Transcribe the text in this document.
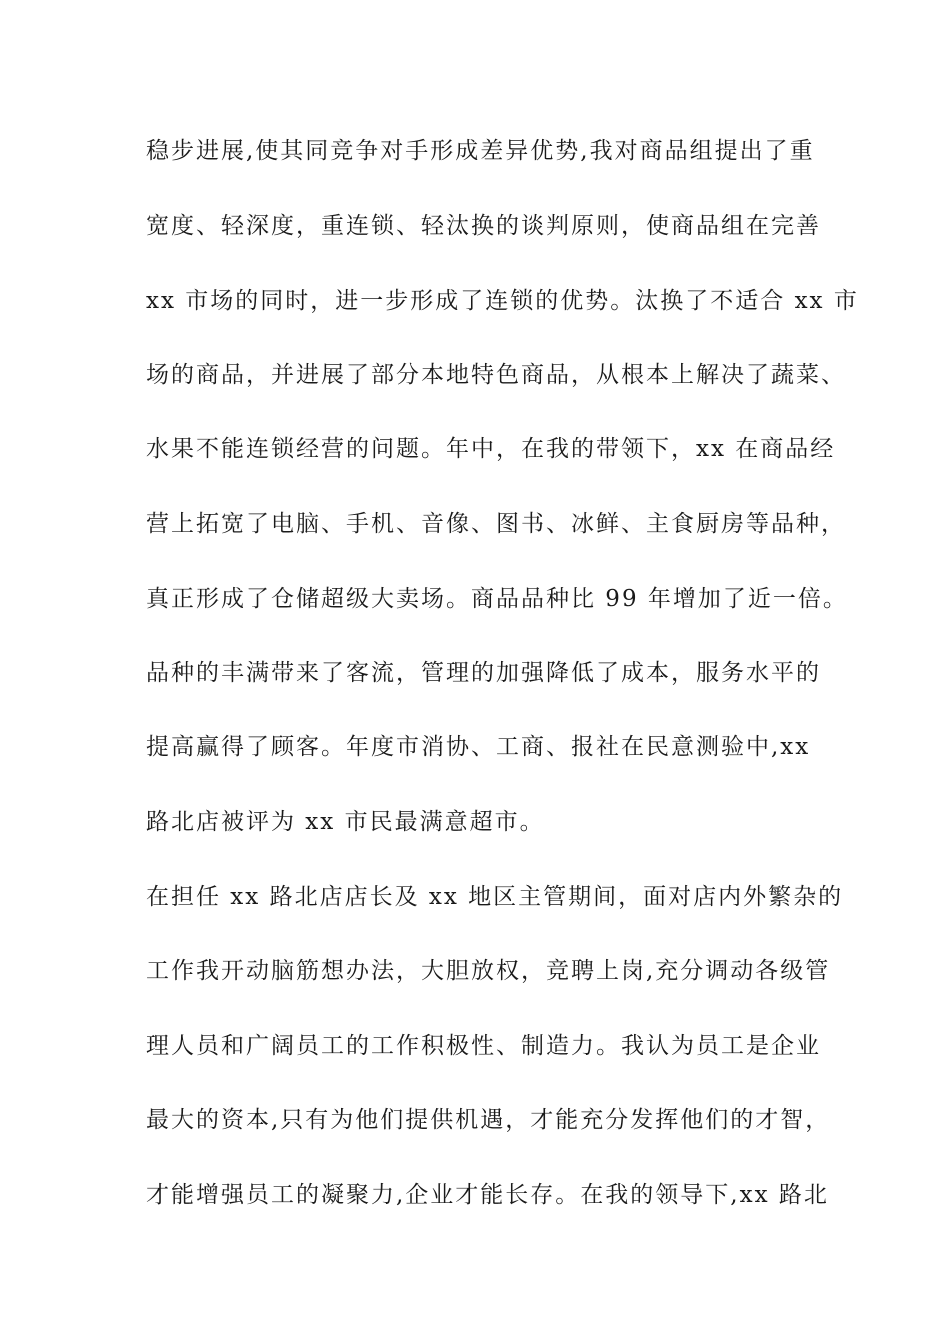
稳步进展,使其同竞争对手形成差异优势,我对商品组提出了重
宽度、轻深度，重连锁、轻汰换的谈判原则，使商品组在完善
xx 市场的同时，进一步形成了连锁的优势。汰换了不适合 xx 市
场的商品，并进展了部分本地特色商品，从根本上解决了蔬菜、
水果不能连锁经营的问题。年中，在我的带领下，xx 在商品经
营上拓宽了电脑、手机、音像、图书、冰鲜、主食厨房等品种，
真正形成了仓储超级大卖场。商品品种比 99 年增加了近一倍。
品种的丰满带来了客流，管理的加强降低了成本，服务水平的
提高赢得了顾客。年度市消协、工商、报社在民意测验中,xx
路北店被评为 xx 市民最满意超市。
在担任 xx 路北店店长及 xx 地区主管期间，面对店内外繁杂的
工作我开动脑筋想办法，大胆放权，竞聘上岗,充分调动各级管
理人员和广阔员工的工作积极性、制造力。我认为员工是企业
最大的资本,只有为他们提供机遇，才能充分发挥他们的才智，
才能增强员工的凝聚力,企业才能长存。在我的领导下,xx 路北
